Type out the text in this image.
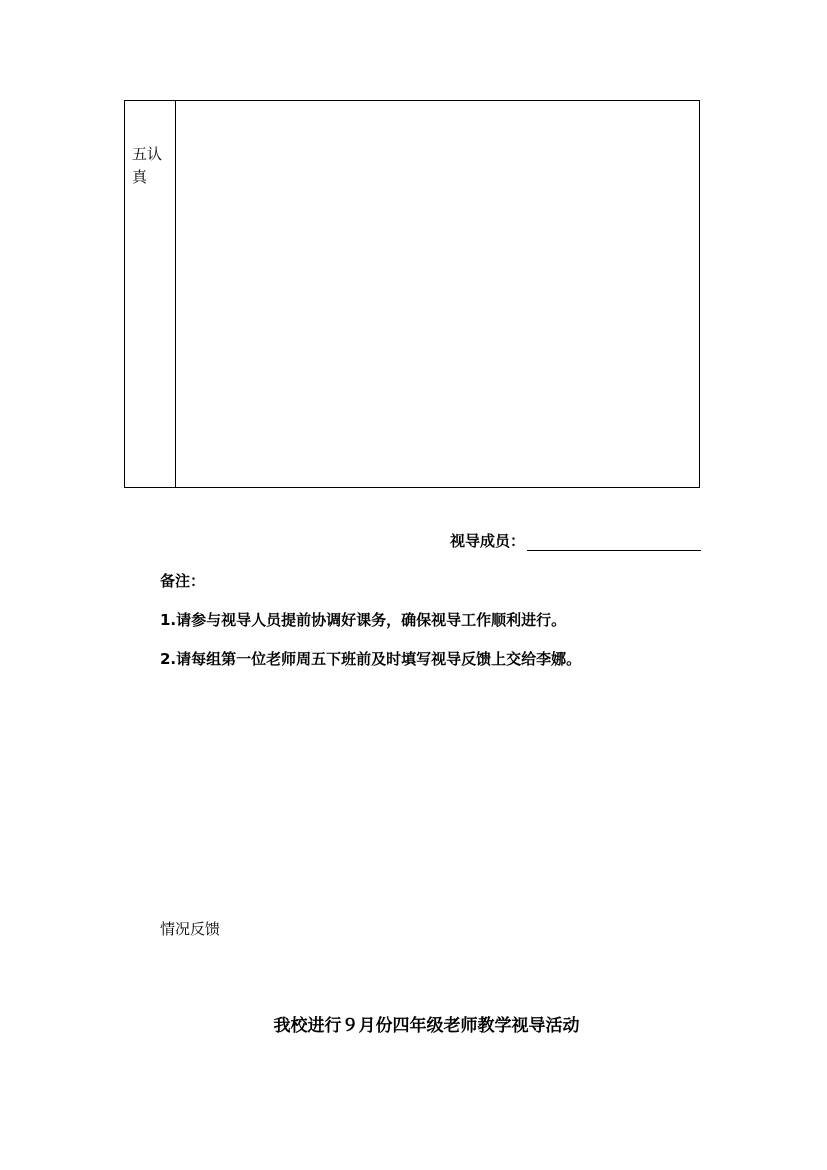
五认真
视导成员：
备注：
1.请参与视导人员提前协调好课务，确保视导工作顺利进行。
2.请每组第一位老师周五下班前及时填写视导反馈上交给李娜。
情况反馈
我校进行９月份四年级老师教学视导活动
